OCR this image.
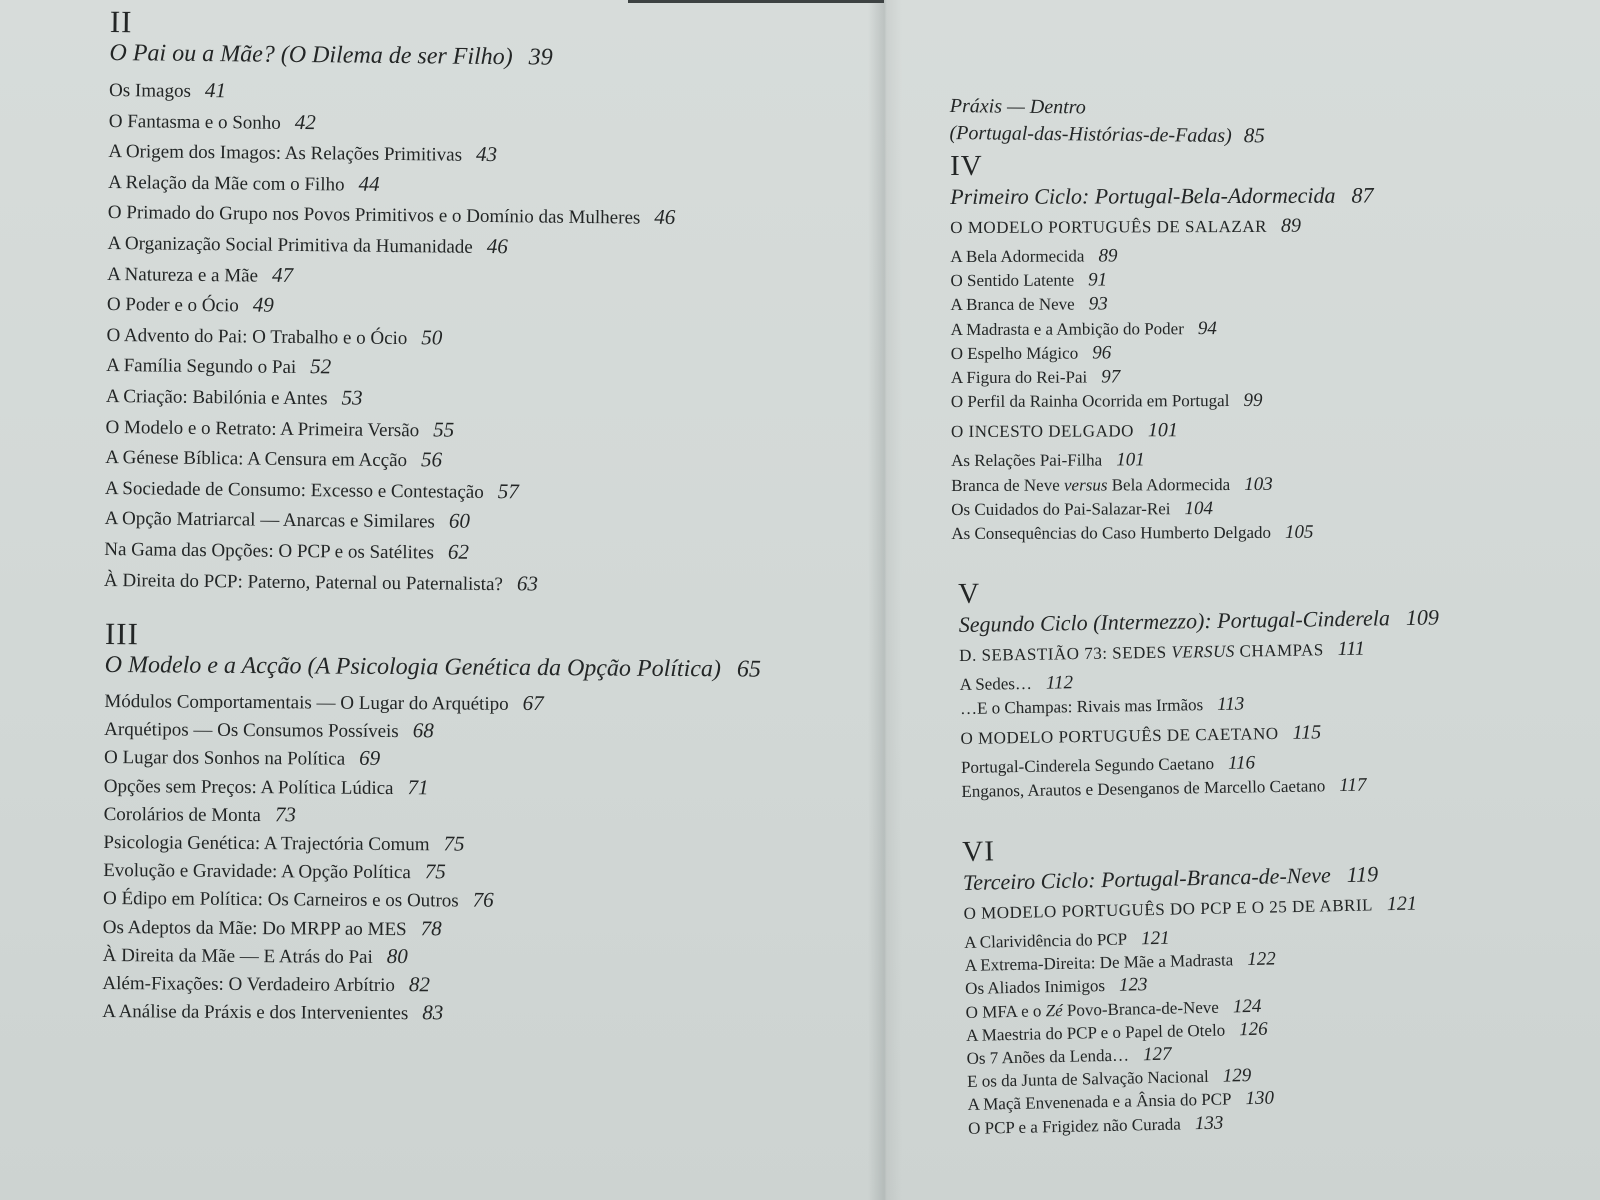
II
O Pai ou a Mãe? (O Dilema de ser Filho) 39
Os Imagos 41
O Fantasma e o Sonho 42
A Origem dos Imagos: As Relações Primitivas 43
A Relação da Mãe com o Filho 44
O Primado do Grupo nos Povos Primitivos e o Domínio das Mulheres 46
A Organização Social Primitiva da Humanidade 46
A Natureza e a Mãe 47
O Poder e o Ócio 49
O Advento do Pai: O Trabalho e o Ócio 50
A Família Segundo o Pai 52
A Criação: Babilónia e Antes 53
O Modelo e o Retrato: A Primeira Versão 55
A Génese Bíblica: A Censura em Acção 56
A Sociedade de Consumo: Excesso e Contestação 57
A Opção Matriarcal — Anarcas e Similares 60
Na Gama das Opções: O PCP e os Satélites 62
À Direita do PCP: Paterno, Paternal ou Paternalista? 63
III
O Modelo e a Acção (A Psicologia Genética da Opção Política) 65
Módulos Comportamentais — O Lugar do Arquétipo 67
Arquétipos — Os Consumos Possíveis 68
O Lugar dos Sonhos na Política 69
Opções sem Preços: A Política Lúdica 71
Corolários de Monta 73
Psicologia Genética: A Trajectória Comum 75
Evolução e Gravidade: A Opção Política 75
O Édipo em Política: Os Carneiros e os Outros 76
Os Adeptos da Mãe: Do MRPP ao MES 78
À Direita da Mãe — E Atrás do Pai 80
Além-Fixações: O Verdadeiro Arbítrio 82
A Análise da Práxis e dos Intervenientes 83
Práxis — Dentro
(Portugal-das-Histórias-de-Fadas) 85
IV
Primeiro Ciclo: Portugal-Bela-Adormecida 87
O MODELO PORTUGUÊS DE SALAZAR 89
A Bela Adormecida 89
O Sentido Latente 91
A Branca de Neve 93
A Madrasta e a Ambição do Poder 94
O Espelho Mágico 96
A Figura do Rei-Pai 97
O Perfil da Rainha Ocorrida em Portugal 99
O INCESTO DELGADO 101
As Relações Pai-Filha 101
Branca de Neve versus Bela Adormecida 103
Os Cuidados do Pai-Salazar-Rei 104
As Consequências do Caso Humberto Delgado 105
V
Segundo Ciclo (Intermezzo): Portugal-Cinderela 109
D. SEBASTIÃO 73: SEDES VERSUS CHAMPAS 111
A Sedes… 112
…E o Champas: Rivais mas Irmãos 113
O MODELO PORTUGUÊS DE CAETANO 115
Portugal-Cinderela Segundo Caetano 116
Enganos, Arautos e Desenganos de Marcello Caetano 117
VI
Terceiro Ciclo: Portugal-Branca-de-Neve 119
O MODELO PORTUGUÊS DO PCP E O 25 DE ABRIL 121
A Clarividência do PCP 121
A Extrema-Direita: De Mãe a Madrasta 122
Os Aliados Inimigos 123
O MFA e o Zé Povo-Branca-de-Neve 124
A Maestria do PCP e o Papel de Otelo 126
Os 7 Anões da Lenda… 127
E os da Junta de Salvação Nacional 129
A Maçã Envenenada e a Ânsia do PCP 130
O PCP e a Frigidez não Curada 133
